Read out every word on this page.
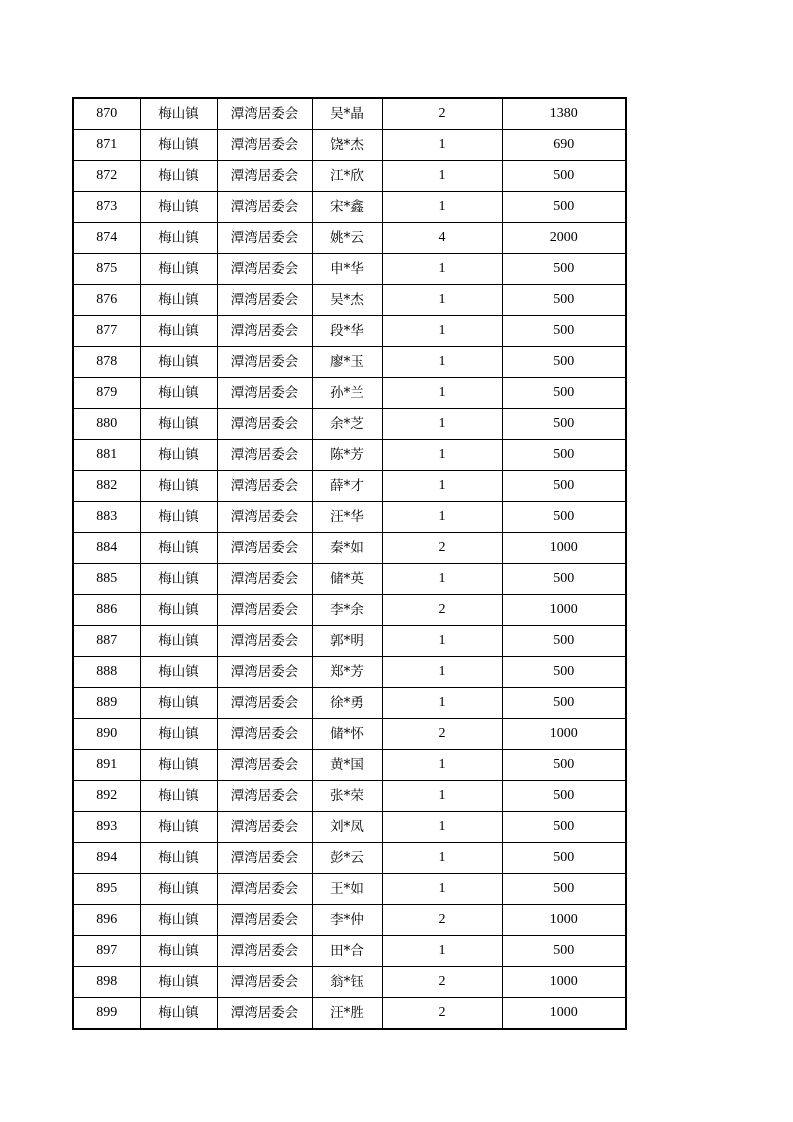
870	梅山镇	潭湾居委会	吴*晶	2	1380
871	梅山镇	潭湾居委会	饶*杰	1	690
872	梅山镇	潭湾居委会	江*欣	1	500
873	梅山镇	潭湾居委会	宋*鑫	1	500
874	梅山镇	潭湾居委会	姚*云	4	2000
875	梅山镇	潭湾居委会	申*华	1	500
876	梅山镇	潭湾居委会	吴*杰	1	500
877	梅山镇	潭湾居委会	段*华	1	500
878	梅山镇	潭湾居委会	廖*玉	1	500
879	梅山镇	潭湾居委会	孙*兰	1	500
880	梅山镇	潭湾居委会	余*芝	1	500
881	梅山镇	潭湾居委会	陈*芳	1	500
882	梅山镇	潭湾居委会	薛*才	1	500
883	梅山镇	潭湾居委会	汪*华	1	500
884	梅山镇	潭湾居委会	秦*如	2	1000
885	梅山镇	潭湾居委会	储*英	1	500
886	梅山镇	潭湾居委会	李*余	2	1000
887	梅山镇	潭湾居委会	郭*明	1	500
888	梅山镇	潭湾居委会	郑*芳	1	500
889	梅山镇	潭湾居委会	徐*勇	1	500
890	梅山镇	潭湾居委会	储*怀	2	1000
891	梅山镇	潭湾居委会	黄*国	1	500
892	梅山镇	潭湾居委会	张*荣	1	500
893	梅山镇	潭湾居委会	刘*凤	1	500
894	梅山镇	潭湾居委会	彭*云	1	500
895	梅山镇	潭湾居委会	王*如	1	500
896	梅山镇	潭湾居委会	李*仲	2	1000
897	梅山镇	潭湾居委会	田*合	1	500
898	梅山镇	潭湾居委会	翁*钰	2	1000
899	梅山镇	潭湾居委会	汪*胜	2	1000
